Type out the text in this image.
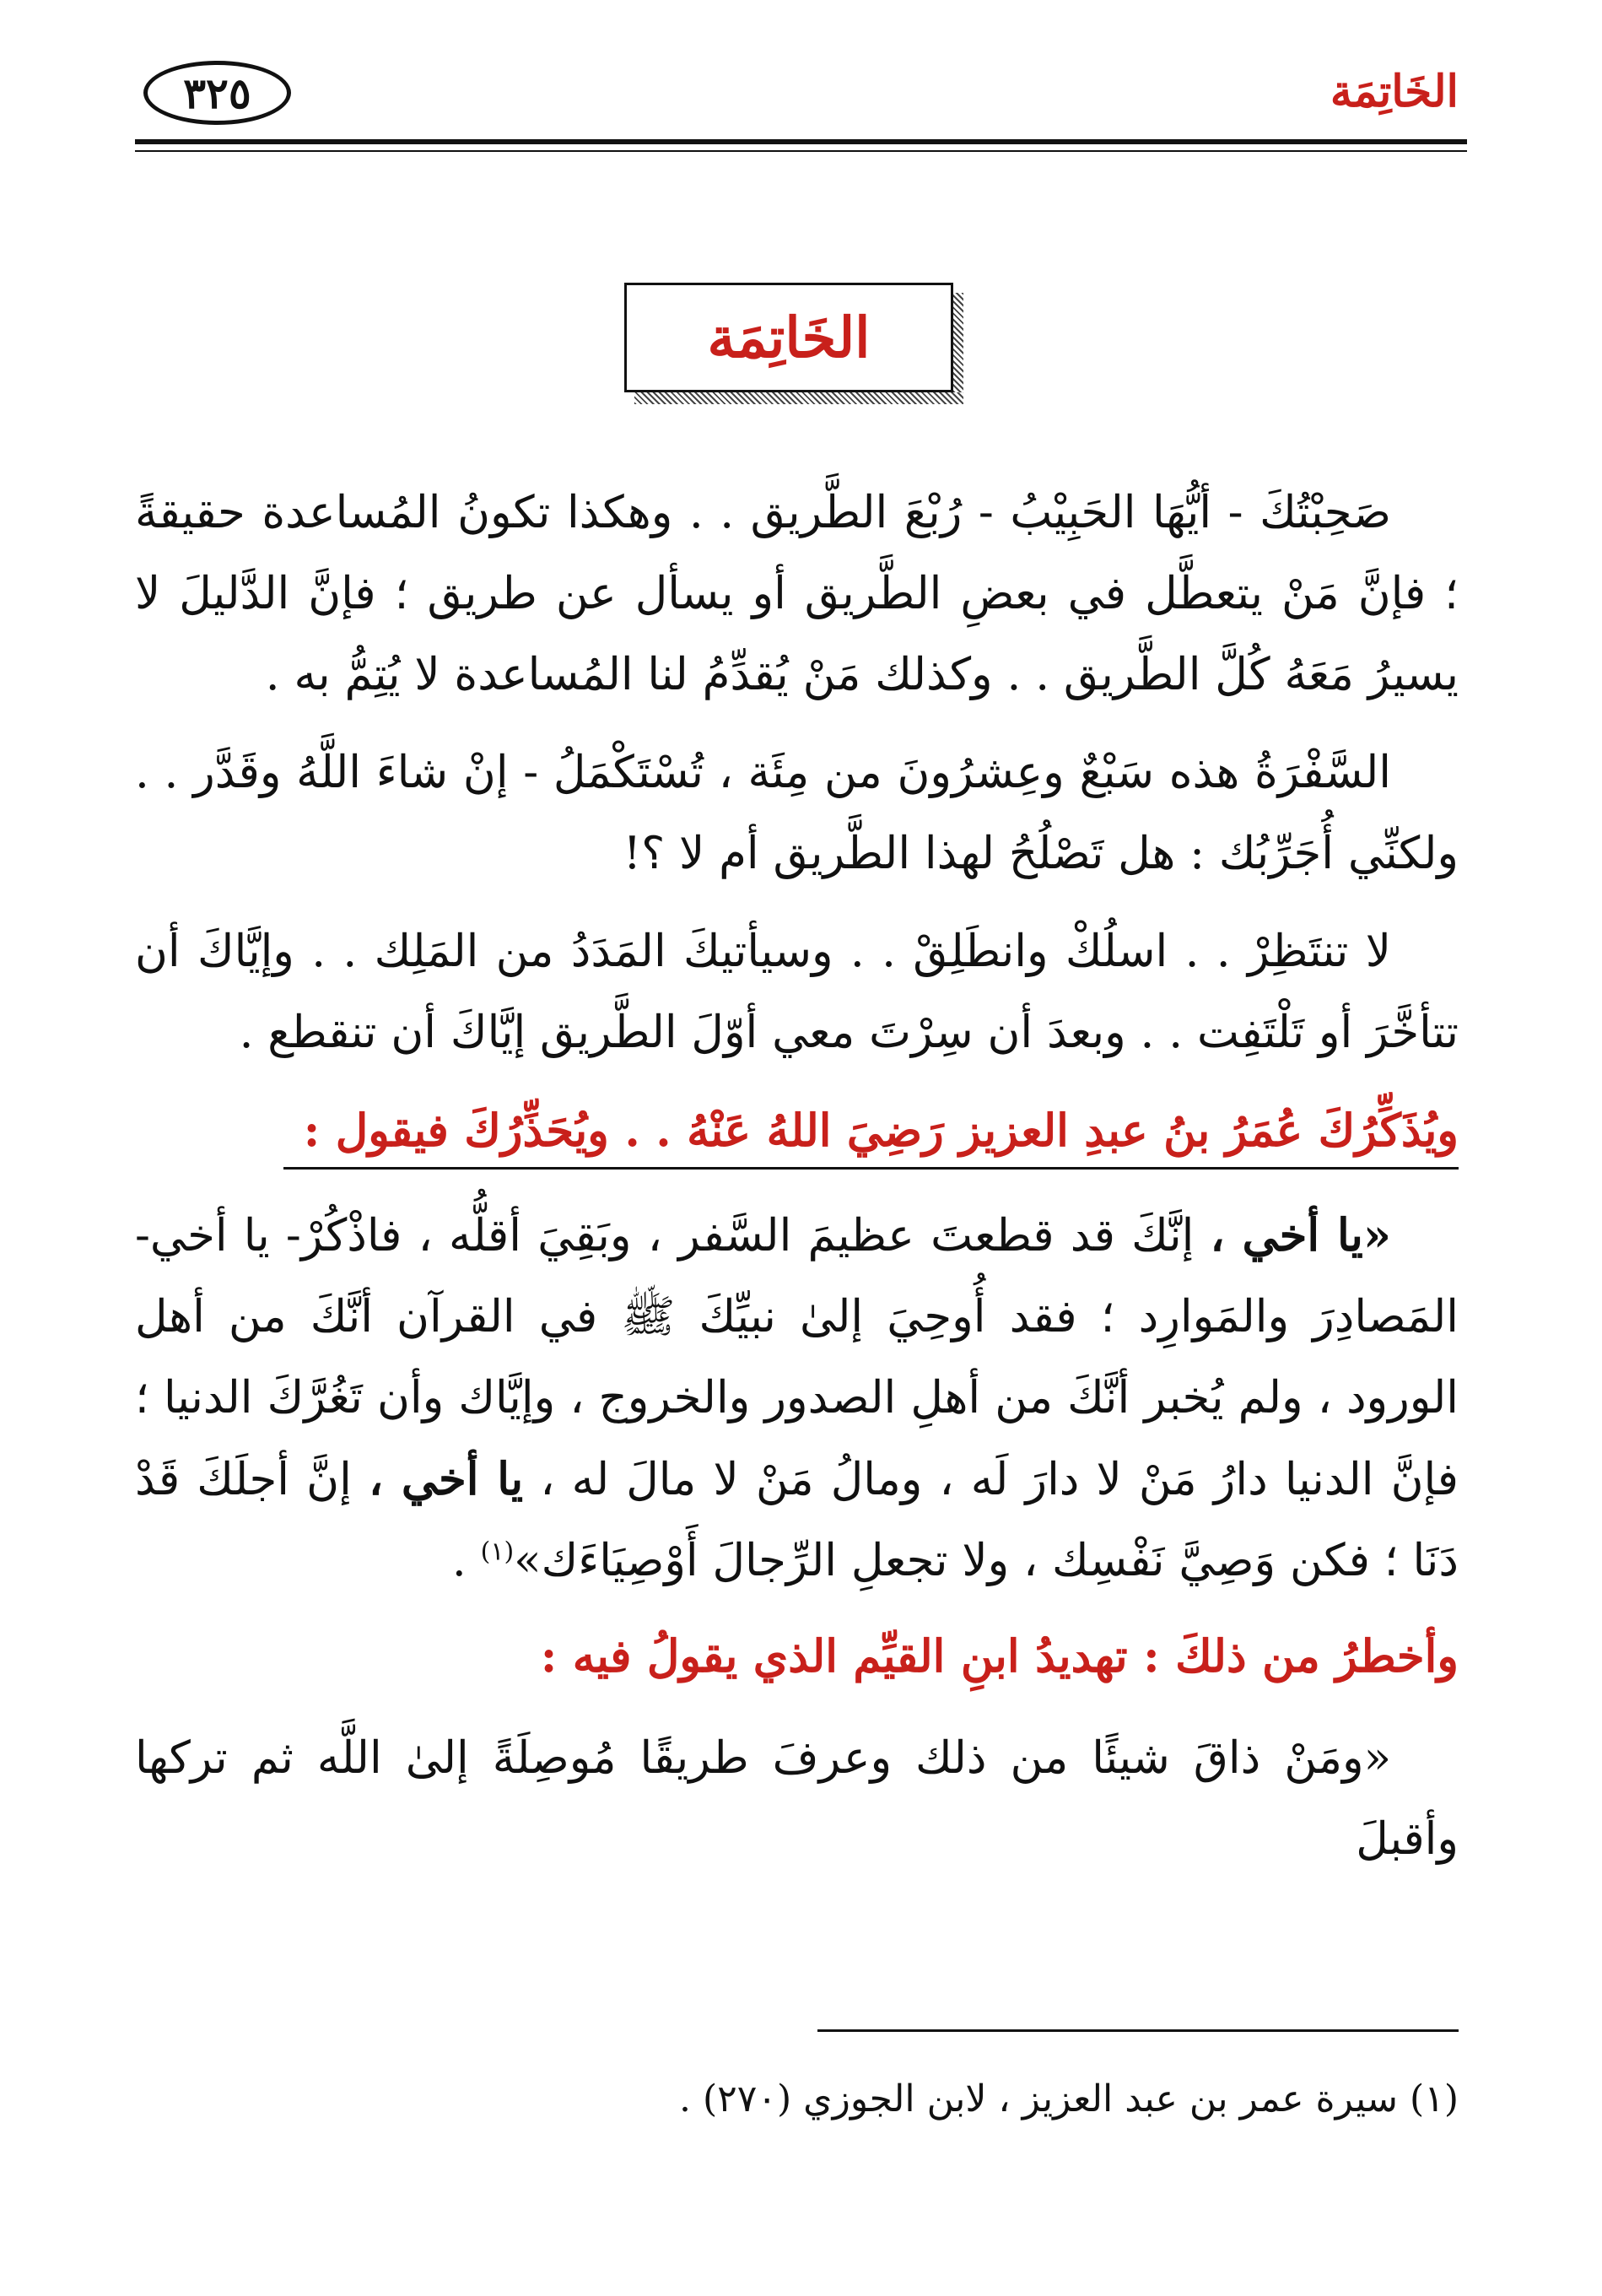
الخَاتِمَة
٣٢٥
الخَاتِمَة

صَحِبْتُكَ - أيُّهَا الحَبِيْبُ - رُبْعَ الطَّريق . . وهكذا تكونُ المُساعدة حقيقةً ؛ فإنَّ مَنْ يتعطَّل في بعضِ الطَّريق أو يسأل عن طريق ؛ فإنَّ الدَّليلَ لا يسيرُ مَعَهُ كُلَّ الطَّريق . . وكذلك مَنْ يُقدِّمُ لنا المُساعدة لا يُتِمُّ به .

السَّفْرَةُ هذه سَبْعٌ وعِشرُونَ من مِئَة ، تُسْتَكْمَلُ - إنْ شاءَ اللَّهُ وقَدَّر . . ولكنِّي أُجَرِّبُك : هل تَصْلُحُ لهذا الطَّريق أم لا ؟!

لا تنتَظِرْ . . اسلُكْ وانطَلِقْ . . وسيأتيكَ المَدَدُ من المَلِك . . وإيَّاكَ أن تتأخَّرَ أو تَلْتَفِت . . وبعدَ أن سِرْتَ معي أوّلَ الطَّريق إيَّاكَ أن تنقطع .

ويُذَكِّرُكَ عُمَرُ بنُ عبدِ العزيز رَضِيَ اللهُ عَنْهُ . . ويُحَذِّرُكَ فيقول :

«يا أخي ، إنَّكَ قد قطعتَ عظيمَ السَّفر ، وبَقِيَ أقلُّه ، فاذْكُرْ- يا أخي- المَصادِرَ والمَوارِد ؛ فقد أُوحِيَ إلىٰ نبيِّكَ ﷺ في القرآن أنَّكَ من أهل الورود ، ولم يُخبر أنَّكَ من أهلِ الصدور والخروج ، وإيَّاك وأن تَغُرَّكَ الدنيا ؛ فإنَّ الدنيا دارُ مَنْ لا دارَ لَه ، ومالُ مَنْ لا مالَ له ، يا أخي ، إنَّ أجلَكَ قَدْ دَنَا ؛ فكن وَصِيَّ نَفْسِك ، ولا تجعلِ الرِّجالَ أَوْصِيَاءَك»$^{(١)}$ .

وأخطرُ من ذلكَ : تهديدُ ابنِ القيِّم الذي يقولُ فيه :

«ومَنْ ذاقَ شيئًا من ذلك وعرفَ طريقًا مُوصِلَةً إلىٰ اللَّه ثم تركها وأقبلَ

(١) سيرة عمر بن عبد العزيز ، لابن الجوزي (٢٧٠) .
